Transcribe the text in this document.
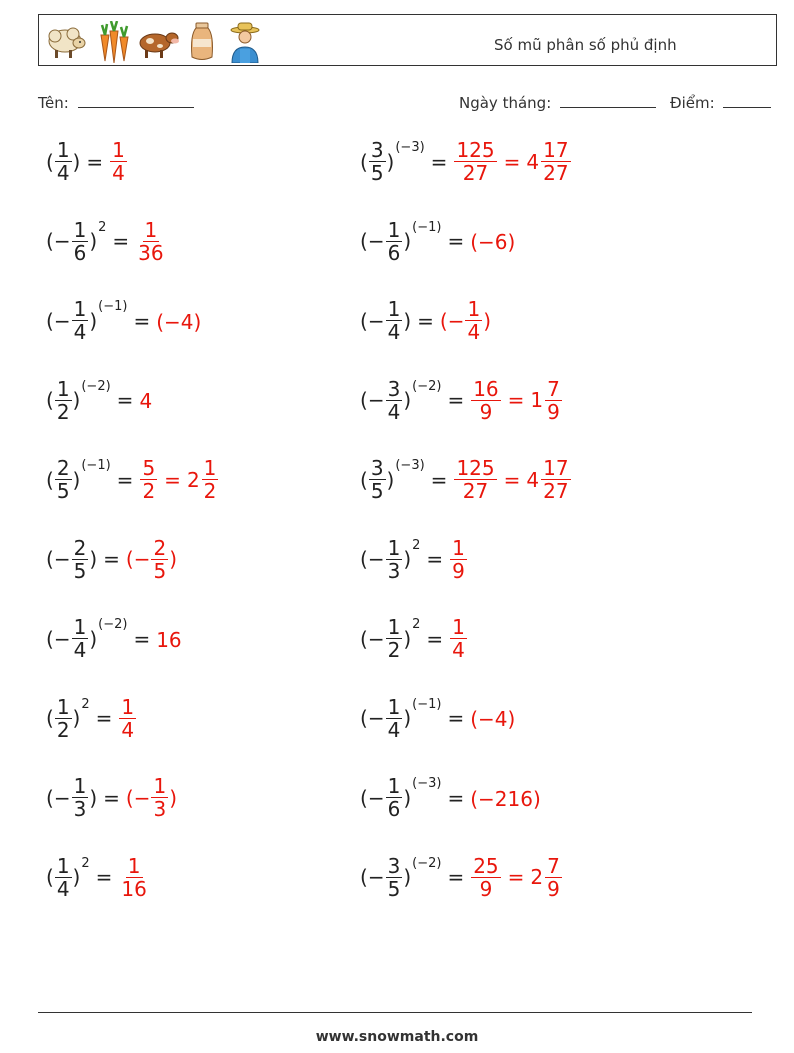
Số mũ phân số phủ định
Tên:	Ngày tháng:	Điểm:
( $\frac{1}{4}$ ) = $\frac{1}{4}$	( $\frac{3}{5} )^{(-3)}= \frac{125}{27} = 4 \frac{17}{27}$
(− $\frac{1}{6} )^2= \frac{1}{36}$	(− $\frac{1}{6} )^{(-1)}= (-6)$
(− $\frac{1}{4} )^{(-1)}= (-4)$	(− $\frac{1}{4}$ ) = (− $\frac{1}{4}$ )
( $\frac{1}{2} )^{(-2)}= 4$	(− $\frac{3}{4} )^{(-2)}= \frac{16}{9} = 1 \frac{7}{9}$
( $\frac{2}{5} )^{(-1)}= \frac{5}{2} = 2 \frac{1}{2}$	( $\frac{3}{5} )^{(-3)}= \frac{125}{27} = 4 \frac{17}{27}$
(− $\frac{2}{5}$ ) = (− $\frac{2}{5}$ )	(− $\frac{1}{3} )^2= \frac{1}{9}$
(− $\frac{1}{4} )^{(-2)}= 16$	(− $\frac{1}{2} )^2= \frac{1}{4}$
( $\frac{1}{2} )^2= \frac{1}{4}$	(− $\frac{1}{4} )^{(-1)}= (-4)$
(− $\frac{1}{3}$ ) = (− $\frac{1}{3}$ )	(− $\frac{1}{6} )^{(-3)}= (-216)$
( $\frac{1}{4} )^2= \frac{1}{16}$	(− $\frac{3}{5} )^{(-2)}= \frac{25}{9} = 2 \frac{7}{9}$
www.snowmath.com
